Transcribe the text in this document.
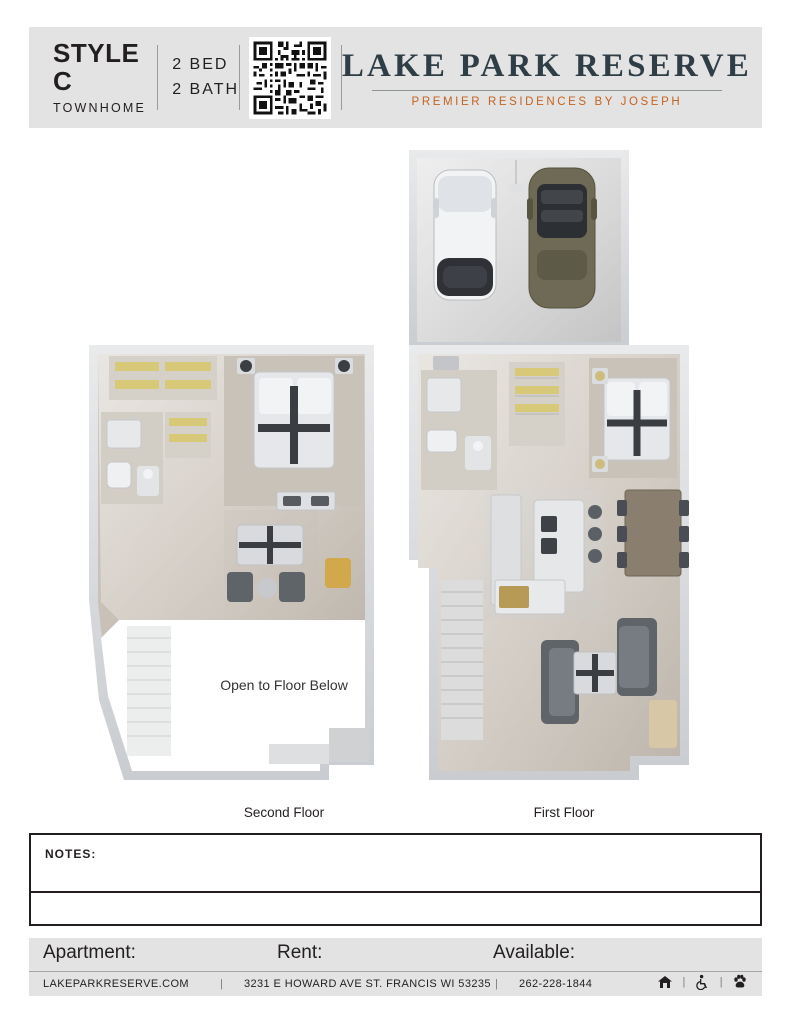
STYLE C
TOWNHOME
2 BED
2 BATH
LAKE PARK RESERVE
PREMIER RESIDENCES BY JOSEPH
Open to Floor Below
Second Floor	First Floor
NOTES:
Apartment:	Rent:	Available:
LAKEPARKRESERVE.COM	| 3231 E HOWARD AVE ST. FRANCIS WI 53235 | 262-228-1844	|	|
